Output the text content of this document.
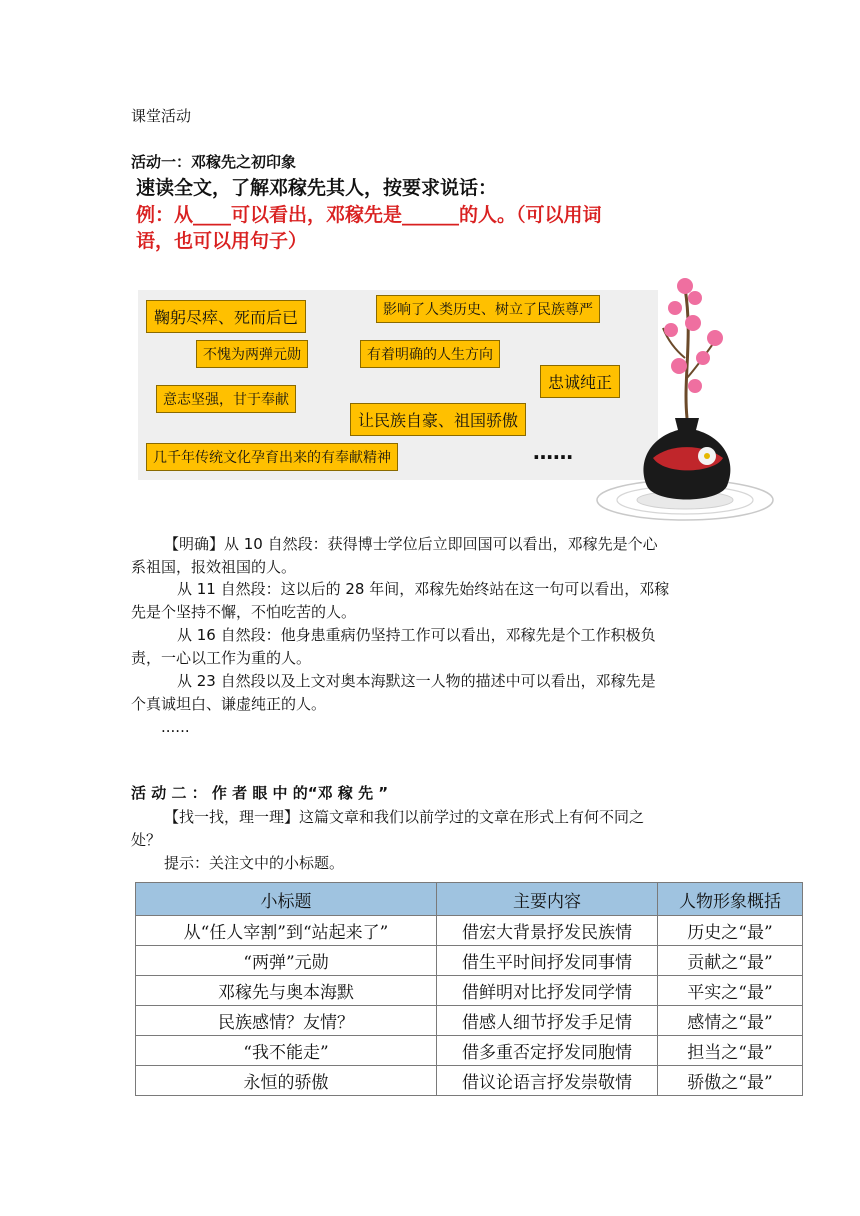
课堂活动
活动一：邓稼先之初印象
速读全文，了解邓稼先其人，按要求说话：
例：从____可以看出，邓稼先是______的人。（可以用词
语，也可以用句子）
鞠躬尽瘁、死而后已	影响了人类历史、树立了民族尊严
不愧为两弹元勋	有着明确的人生方向
忠诚纯正
意志坚强，甘于奉献
让民族自豪、祖国骄傲
几千年传统文化孕育出来的有奉献精神	……
【明确】从 10 自然段：获得博士学位后立即回国可以看出，邓稼先是个心
系祖国，报效祖国的人。
从 11 自然段：这以后的 28 年间，邓稼先始终站在这一句可以看出，邓稼
先是个坚持不懈，不怕吃苦的人。
从 16 自然段：他身患重病仍坚持工作可以看出，邓稼先是个工作积极负
责，一心以工作为重的人。
从 23 自然段以及上文对奥本海默这一人物的描述中可以看出，邓稼先是
个真诚坦白、谦虚纯正的人。
......
活 动 二 ： 作 者 眼 中 的“邓 稼 先 ”
【找一找，理一理】这篇文章和我们以前学过的文章在形式上有何不同之
处？
提示：关注文中的小标题。
小标题	主要内容	人物形象概括
从“任人宰割”到“站起来了”	借宏大背景抒发民族情	历史之“最”
“两弹”元勋	借生平时间抒发同事情	贡献之“最”
邓稼先与奥本海默	借鲜明对比抒发同学情	平实之“最”
民族感情？友情？	借感人细节抒发手足情	感情之“最”
“我不能走”	借多重否定抒发同胞情	担当之“最”
永恒的骄傲	借议论语言抒发崇敬情	骄傲之“最”
